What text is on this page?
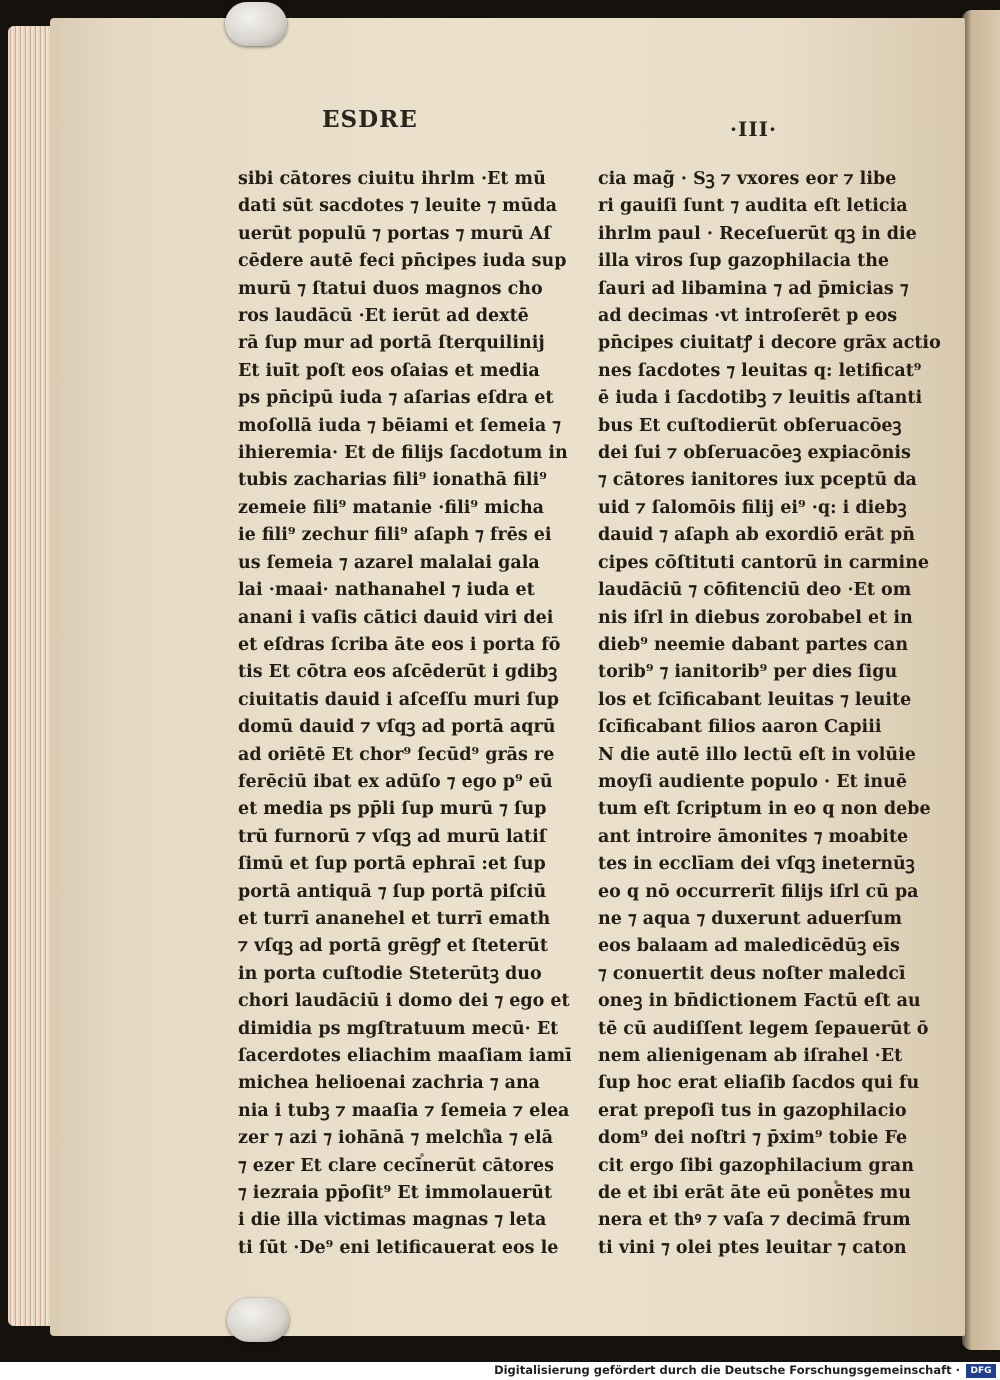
ESDRE	·III·
sibi cātores ciuitu ihrlm ·Et mū
dati sūt sacdotes ⁊ leuite ⁊ mūda
uerūt populū ⁊ portas ⁊ murū Aſ
cēdere autē feci pn̄cipes iuda sup
murū ⁊ ſtatui duos magnos cho
ros laudācū ·Et ierūt ad dextē
rā ſup mur ad portā ſterquilinij
Et iuīt poſt eos oſaias et media
ps pn̄cipū iuda ⁊ aſarias eſdra et
moſollā iuda ⁊ bēiami et ſemeia ⁊
ihieremia· Et de filijs ſacdotum in
tubis zacharias fili⁹ ionathā fili⁹
zemeie fili⁹ matanie ·fili⁹ micha
ie fili⁹ zechur fili⁹ aſaph ⁊ frēs ei
us ſemeia ⁊ azarel malalai gala
lai ·maai· nathanahel ⁊ iuda et
anani i vaſis cātici dauid viri dei
et eſdras ſcriba āte eos i porta fō
tis Et cōtra eos aſcēderūt i gdibꝫ
ciuitatis dauid i aſceſſu muri ſup
domū dauid ⁊ vſqꝫ ad portā aqrū
ad oriētē Et chor⁹ ſecūd⁹ grās re
ferēciū ibat ex adūſo ⁊ ego p⁹ eū
et media ps pp̄li ſup murū ⁊ ſup
trū furnorū ⁊ vſqꝫ ad murū latiſ
ſimū et ſup portā ephraī :et ſup
portā antiquā ⁊ ſup portā piſciū
et turrī ananehel et turrī emath
⁊ vſqꝫ ad portā grēgꝭ et ſteterūt
in porta cuſtodie Steterūtꝫ duo
chori laudāciū i domo dei ⁊ ego et
dimidia ps mgſtratuum mecū· Et
ſacerdotes eliachim maaſiam iamī
michea helioenai zachria ⁊ ana
nia i tubꝫ ⁊ maaſia ⁊ ſemeia ⁊ elea
zer ⁊ azi ⁊ iohānā ⁊ melchia ⁊ elā
⁊ ezer Et clare cecīnerūt cātores
⁊ iezraia pp̄oſit⁹ Et immolauerūt
i die illa victimas magnas ⁊ leta
ti ſūt ·De⁹ eni letificauerat eos le
cia mag̃ · Sꝫ ⁊ vxores eor ⁊ libe
ri gauiſi ſunt ⁊ audita eſt leticia
ihrlm paul · Receſuerūt qꝫ in die
illa viros ſup gazophilacia the
ſauri ad libamina ⁊ ad p̄micias ⁊
ad decimas ·vt introſerēt p eos
pn̄cipes ciuitatꝭ i decore grāx actio
nes ſacdotes ⁊ leuitas q: letificat⁹
ē iuda i ſacdotibꝫ ⁊ leuitis aſtanti
bus Et cuſtodierūt obſeruacōeꝫ
dei ſui ⁊ obſeruacōeꝫ expiacōnis
⁊ cātores ianitores iux pceptū da
uid ⁊ ſalomōis filij ei⁹ ·q: i diebꝫ
dauid ⁊ aſaph ab exordiō erāt pn̄
cipes cōſtituti cantorū in carmine
laudāciū ⁊ cōfitenciū deo ·Et om
nis iſrl in diebus zorobabel et in
dieb⁹ neemie dabant partes can
torib⁹ ⁊ ianitorib⁹ per dies ſigu
los et ſcīficabant leuitas ⁊ leuite
ſcīficabant filios aaron Capiii
N die autē illo lectū eſt in volūie
moyſi audiente populo · Et inuē
tum eſt ſcriptum in eo q non debe
ant introire āmonites ⁊ moabite
tes in ecclīam dei vſqꝫ ineternūꝫ
eo q nō occurrerīt filijs iſrl cū pa
ne ⁊ aqua ⁊ duxerunt aduerſum
eos balaam ad maledicēdūꝫ eīs
⁊ conuertit deus noſter maledcī
oneꝫ in bn̄dictionem Factū eſt au
tē cū audiſſent legem ſepauerūt ō
nem alienigenam ab iſrahel ·Et
ſup hoc erat eliaſib ſacdos qui fu
erat prepoſi tus in gazophilacio
dom⁹ dei noſtri ⁊ p̄xim⁹ tobie Fe
cit ergo ſibi gazophilacium gran
de et ibi erāt āte eū ponētes mu
nera et thꝰ ⁊ vaſa ⁊ decimā frum
ti vini ⁊ olei ptes leuitar ⁊ caton
Digitalisierung gefördert durch die Deutsche Forschungsgemeinschaft ·	DFG
